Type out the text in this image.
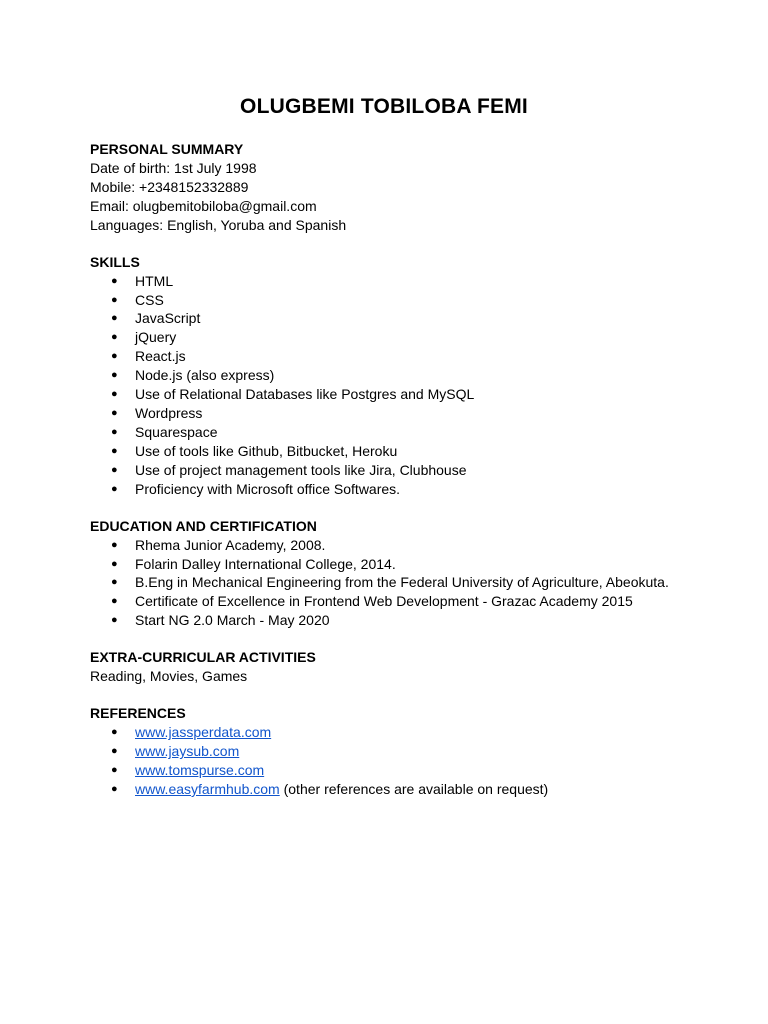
OLUGBEMI TOBILOBA FEMI

PERSONAL SUMMARY

Date of birth: 1st July 1998

Mobile: +2348152332889

Email: olugbemitobiloba@gmail.com

Languages: English, Yoruba and Spanish

SKILLS

● HTML
● CSS
● JavaScript
● jQuery
● React.js
● Node.js (also express)
● Use of Relational Databases like Postgres and MySQL
● Wordpress
● Squarespace
● Use of tools like Github, Bitbucket, Heroku
● Use of project management tools like Jira, Clubhouse
● Proficiency with Microsoft office Softwares.

EDUCATION AND CERTIFICATION

● Rhema Junior Academy, 2008.
● Folarin Dalley International College, 2014.
● B.Eng in Mechanical Engineering from the Federal University of Agriculture, Abeokuta.
● Certificate of Excellence in Frontend Web Development - Grazac Academy 2015
● Start NG 2.0 March - May 2020

EXTRA-CURRICULAR ACTIVITIES

Reading, Movies, Games

REFERENCES

● www.jassperdata.com
● www.jaysub.com
● www.tomspurse.com
● www.easyfarmhub.com (other references are available on request)
